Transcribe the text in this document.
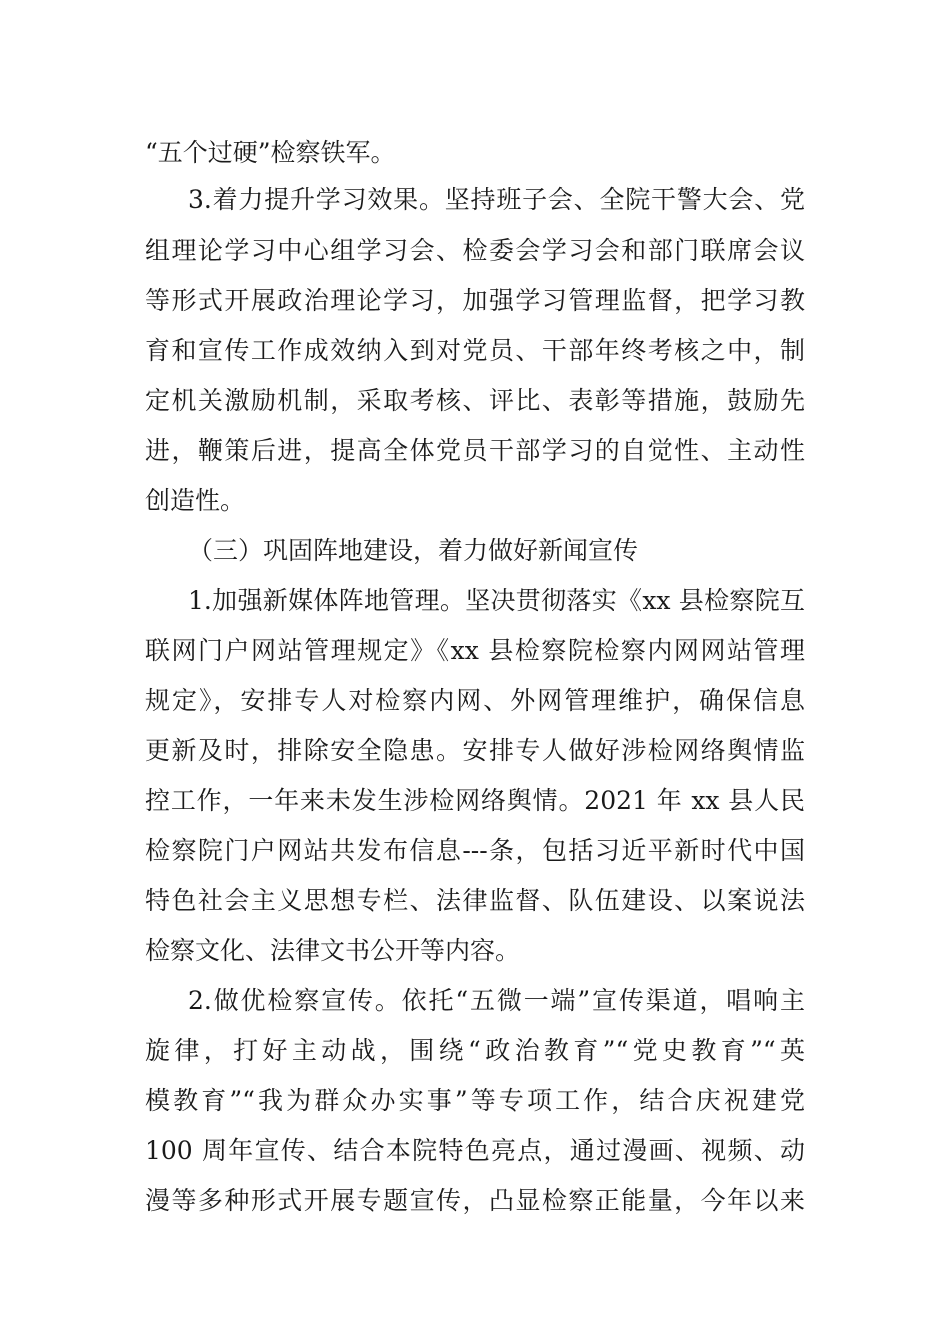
“五个过硬”检察铁军。
3.着力提升学习效果。坚持班子会、全院干警大会、党
组理论学习中心组学习会、检委会学习会和部门联席会议
等形式开展政治理论学习，加强学习管理监督，把学习教
育和宣传工作成效纳入到对党员、干部年终考核之中，制
定机关激励机制，采取考核、评比、表彰等措施，鼓励先
进，鞭策后进，提高全体党员干部学习的自觉性、主动性
创造性。
（三）巩固阵地建设，着力做好新闻宣传
1.加强新媒体阵地管理。坚决贯彻落实《xx 县检察院互
联网门户网站管理规定》《xx 县检察院检察内网网站管理
规定》，安排专人对检察内网、外网管理维护，确保信息
更新及时，排除安全隐患。安排专人做好涉检网络舆情监
控工作，一年来未发生涉检网络舆情。2021 年 xx 县人民
检察院门户网站共发布信息---条，包括习近平新时代中国
特色社会主义思想专栏、法律监督、队伍建设、以案说法
检察文化、法律文书公开等内容。
2.做优检察宣传。依托“五微一端”宣传渠道，唱响主
旋律，打好主动战，围绕“政治教育”“党史教育”“英
模教育”“我为群众办实事”等专项工作，结合庆祝建党
100 周年宣传、结合本院特色亮点，通过漫画、视频、动
漫等多种形式开展专题宣传，凸显检察正能量，今年以来
